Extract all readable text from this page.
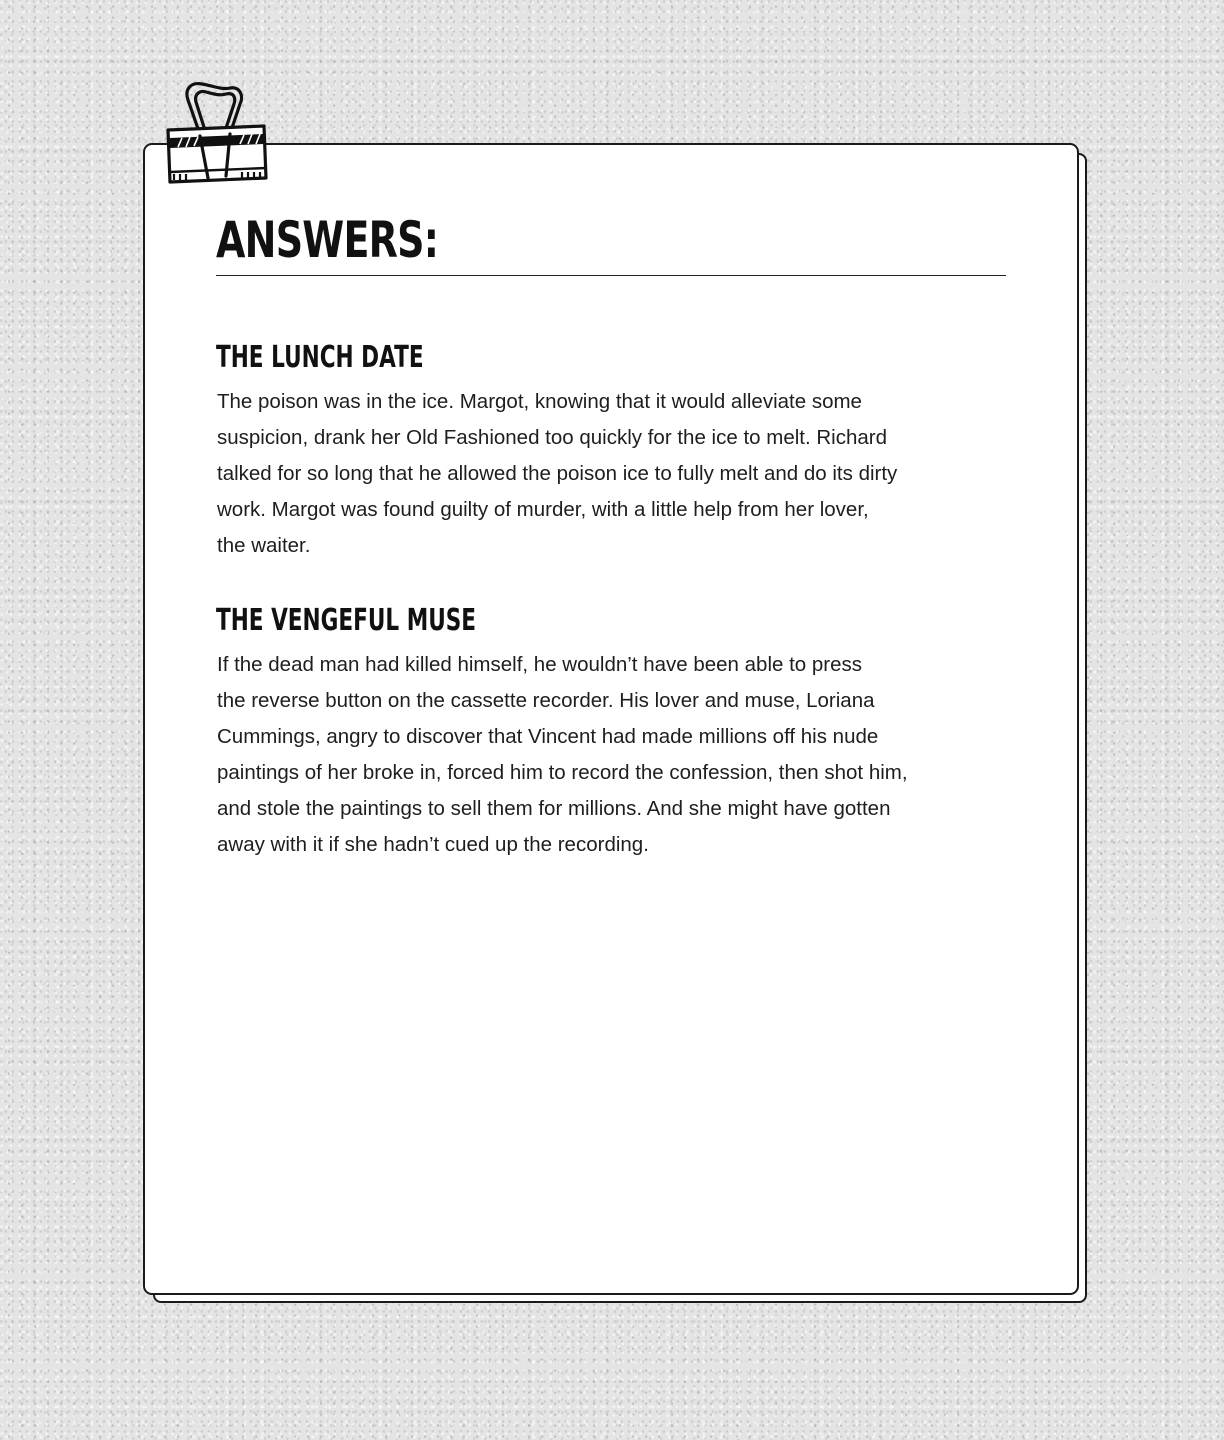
ANSWERS:
THE LUNCH DATE
The poison was in the ice. Margot, knowing that it would alleviate some
suspicion, drank her Old Fashioned too quickly for the ice to melt. Richard
talked for so long that he allowed the poison ice to fully melt and do its dirty
work. Margot was found guilty of murder, with a little help from her lover,
the waiter.
THE VENGEFUL MUSE
If the dead man had killed himself, he wouldn’t have been able to press
the reverse button on the cassette recorder. His lover and muse, Loriana
Cummings, angry to discover that Vincent had made millions off his nude
paintings of her broke in, forced him to record the confession, then shot him,
and stole the paintings to sell them for millions. And she might have gotten
away with it if she hadn’t cued up the recording.
